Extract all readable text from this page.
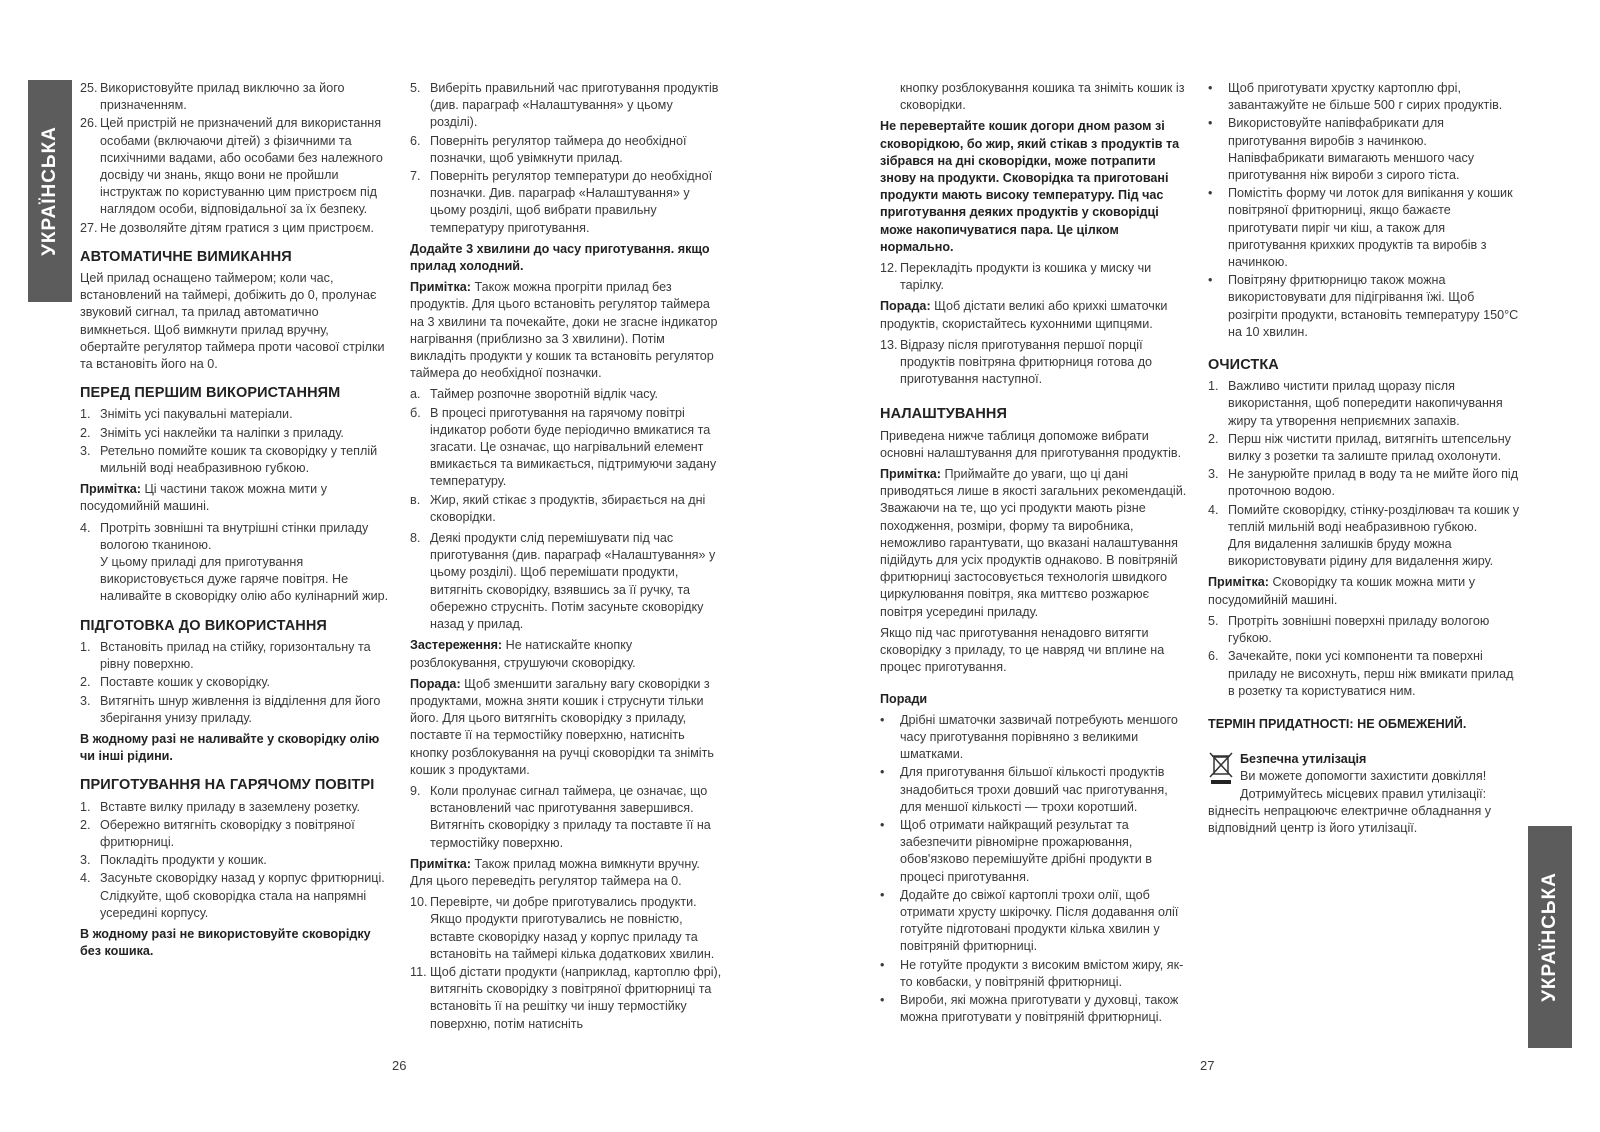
УКРАЇНСЬКА
УКРАЇНСЬКА
25. Використовуйте прилад виключно за його призначенням.
26. Цей пристрій не призначений для використання особами (включаючи дітей) з фізичними та психічними вадами, або особами без належного досвіду чи знань, якщо вони не пройшли інструктаж по користуванню цим пристроєм під наглядом особи, відповідальної за їх безпеку.
27. Не дозволяйте дітям гратися з цим пристроєм.
АВТОМАТИЧНЕ ВИМИКАННЯ

Цей прилад оснащено таймером; коли час, встановлений на таймері, добіжить до 0, пролунає звуковий сигнал, та прилад автоматично вимкнеться. Щоб вимкнути прилад вручну, обертайте регулятор таймера проти часової стрілки та встановіть його на 0.

ПЕРЕД ПЕРШИМ ВИКОРИСТАННЯМ
1. Зніміть усі пакувальні матеріали.
2. Зніміть усі наклейки та налiпки з приладу.
3. Ретельно помийте кошик та сковорідку у теплій мильній воді неабразивною губкою.

Примітка: Ці частини також можна мити у посудомийній машині.

4. Протріть зовнішні та внутрішні стінки приладу вологою тканиною.
У цьому приладі для приготування використовується дуже гаряче повітря. Не наливайте в сковорідку олію або кулінарний жир.
ПІДГОТОВКА ДО ВИКОРИСТАННЯ
1. Встановіть прилад на стійку, горизонтальну та рівну поверхню.
2. Поставте кошик у сковорідку.
3. Витягніть шнур живлення із відділення для його зберігання унизу приладу.

В жодному разі не наливайте у сковорідку олію чи інші рідини.

ПРИГОТУВАННЯ НА ГАРЯЧОМУ ПОВІТРІ
1. Вставте вилку приладу в заземлену розетку.
2. Обережно витягніть сковорідку з повітряної фритюрниці.
3. Покладіть продукти у кошик.
4. Засуньте сковорідку назад у корпус фритюрниці.
Слідкуйте, щоб сковорідка стала на напрямні усередині корпусу.

В жодному разі не використовуйте сковорідку без кошика.

5. Виберіть правильний час приготування продуктів (див. параграф «Налаштування» у цьому розділі).
6. Поверніть регулятор таймера до необхідної позначки, щоб увімкнути прилад.
7. Поверніть регулятор температури до необхідної позначки. Див. параграф «Налаштування» у цьому розділі, щоб вибрати правильну температуру приготування.

Додайте 3 хвилини до часу приготування. якщо прилад холодний.

Примітка: Також можна прогріти прилад без продуктів. Для цього встановіть регулятор таймера на 3 хвилини та почекайте, доки не згасне індикатор нагрівання (приблизно за 3 хвилини). Потім викладіть продукти у кошик та встановіть регулятор таймера до необхідної позначки.

a. Таймер розпочне зворотній відлік часу.
б. В процесі приготування на гарячому повітрі індикатор роботи буде періодично вмикатися та згасати. Це означає, що нагрівальний елемент вмикається та вимикається, підтримуючи задану температуру.
в. Жир, який стікає з продуктів, збирається на дні сковорідки.
8. Деякі продукти слід перемішувати під час приготування (див. параграф «Налаштування» у цьому розділі). Щоб перемішати продукти, витягніть сковорідку, взявшись за її ручку, та обережно струсніть. Потім засуньте сковорідку назад у прилад.

Застереження: Не натискайте кнопку розблокування, струшуючи сковорідку.

Порада: Щоб зменшити загальну вагу сковорідки з продуктами, можна зняти кошик і струснути тільки його. Для цього витягніть сковорідку з приладу, поставте її на термостійку поверхню, натисніть кнопку розблокування на ручці сковорідки та зніміть кошик з продуктами.

9. Коли пролунає сигнал таймера, це означає, що встановлений час приготування завершився. Витягніть сковорідку з приладу та поставте її на термостійку поверхню.

Примітка: Також прилад можна вимкнути вручну. Для цього переведіть регулятор таймера на 0.

10. Перевірте, чи добре приготувались продукти. Якщо продукти приготувались не повністю, вставте сковорідку назад у корпус приладу та встановіть на таймері кілька додаткових хвилин.
11. Щоб дістати продукти (наприклад, картоплю фрі), витягніть сковорідку з повітряної фритюрниці та встановіть її на решітку чи іншу термостійку поверхню, потім натисніть

кнопку розблокування кошика та зніміть кошик із сковорідки.

Не перевертайте кошик догори дном разом зі сковорідкою, бо жир, який стікав з продуктів та зібрався на дні сковорідки, може потрапити знову на продукти. Сковорідка та приготовані продукти мають високу температуру. Під час приготування деяких продуктів у сковорідці може накопичуватися пара. Це цілком нормально.

12. Перекладіть продукти із кошика у миску чи тарілку.

Порада: Щоб дістати великі або крихкі шматочки продуктів, скористайтесь кухонними щипцями.

13. Відразу після приготування першої порції продуктів повітряна фритюрниця готова до приготування наступної.
НАЛАШТУВАННЯ

Приведена нижче таблиця допоможе вибрати основні налаштування для приготування продуктів.

Примітка: Приймайте до уваги, що ці дані приводяться лише в якості загальних рекомендацій. Зважаючи на те, що усі продукти мають різне походження, розміри, форму та виробника, неможливо гарантувати, що вказані налаштування підійдуть для усіх продуктів однаково. В повітряній фритюрниці застосовується технологія швидкого циркулювання повітря, яка миттєво розжарює повітря усередині приладу.

Якщо під час приготування ненадовго витягти сковорідку з приладу, то це навряд чи вплине на процес приготування.

Поради

• Дрібні шматочки зазвичай потребують меншого часу приготування порівняно з великими шматками.
• Для приготування більшої кількості продуктів знадобиться трохи довший час приготування, для меншої кількості — трохи коротший.
• Щоб отримати найкращий результат та забезпечити рівномірне прожарювання, обов'язково перемішуйте дрібні продукти в процесі приготування.
• Додайте до свіжої картоплі трохи олії, щоб отримати хрусту шкірочку. Після додавання олії готуйте підготовані продукти кілька хвилин у повітряній фритюрниці.
• Не готуйте продукти з високим вмістом жиру, як-то ковбаски, у повітряній фритюрниці.
• Вироби, які можна приготувати у духовці, також можна приготувати у повітряній фритюрниці.
• Щоб приготувати хрустку картоплю фрі, завантажуйте не більше 500 г сирих продуктів.
• Використовуйте напівфабрикати для приготування виробів з начинкою. Напівфабрикати вимагають меншого часу приготування ніж вироби з сирого тіста.
• Помістіть форму чи лоток для випікання у кошик повітряної фритюрниці, якщо бажаєте приготувати пиріг чи кіш, а також для приготування крихких продуктів та виробів з начинкою.
• Повітряну фритюрницю також можна використовувати для підігрівання їжі. Щоб розігріти продукти, встановіть температуру 150°C на 10 хвилин.
ОЧИСТКА
1. Важливо чистити прилад щоразу після використання, щоб попередити накопичування жиру та утворення неприємних запахів.
2. Перш ніж чистити прилад, витягніть штепсельну вилку з розетки та залиште прилад охолонути.
3. Не занурюйте прилад в воду та не мийте його під проточною водою.
4. Помийте сковорідку, стінку-розділювач та кошик у теплій мильній воді неабразивною губкою.
Для видалення залишків бруду можна використовувати рідину для видалення жиру.

Примітка: Сковорідку та кошик можна мити у посудомийній машині.

5. Протріть зовнішні поверхні приладу вологою губкою.
6. Зачекайте, поки усі компоненти та поверхні приладу не висохнуть, перш ніж вмикати прилад в розетку та користуватися ним.

ТЕРМІН ПРИДАТНОСТІ: НЕ ОБМЕЖЕНИЙ.

Безпечна утилізація
Ви можете допомогти захистити довкілля!
Дотримуйтесь місцевих правил утилізації:
віднесіть непрацюючє електричне обладнання у відповідний центр із його утилізації.
26	27
